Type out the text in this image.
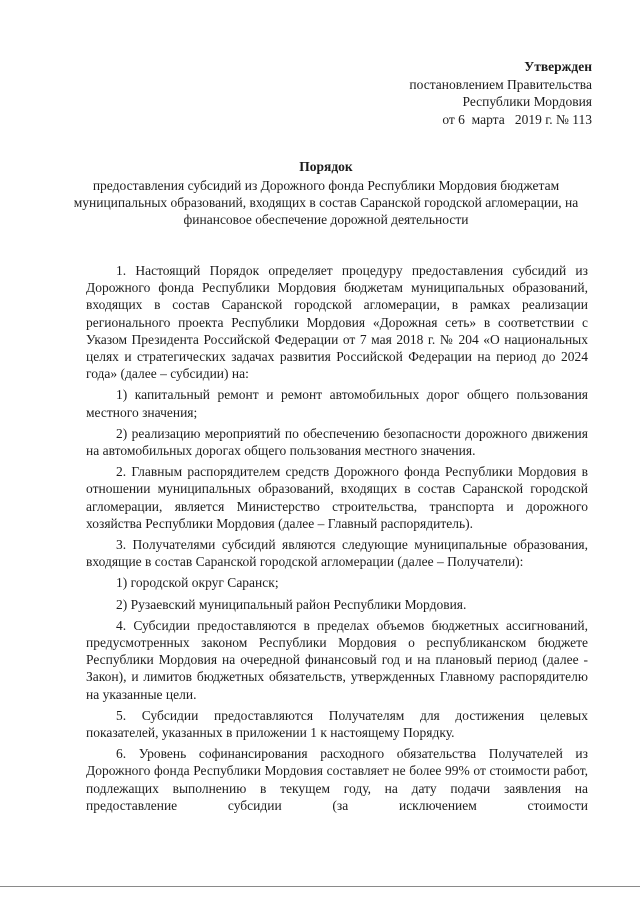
Утвержден
постановлением Правительства
Республики Мордовия
от 6  марта   2019 г. № 113
Порядок
предоставления субсидий из Дорожного фонда Республики Мордовия бюджетам муниципальных образований, входящих в состав Саранской городской агломерации, на финансовое обеспечение дорожной деятельности

1. Настоящий Порядок определяет процедуру предоставления субсидий из Дорожного фонда Республики Мордовия бюджетам муниципальных образований, входящих в состав Саранской городской агломерации, в рамках реализации регионального проекта Республики Мордовия «Дорожная сеть» в соответствии с Указом Президента Российской Федерации от 7 мая 2018 г. № 204 «О национальных целях и стратегических задачах развития Российской Федерации на период до 2024 года» (далее – субсидии) на:

1) капитальный ремонт и ремонт автомобильных дорог общего пользования местного значения;

2) реализацию мероприятий по обеспечению безопасности дорожного движения на автомобильных дорогах общего пользования местного значения.

2. Главным распорядителем средств Дорожного фонда Республики Мордовия в отношении муниципальных образований, входящих в состав Саранской городской агломерации, является Министерство строительства, транспорта и дорожного хозяйства Республики Мордовия (далее – Главный распорядитель).

3. Получателями субсидий являются следующие муниципальные образования, входящие в состав Саранской городской агломерации (далее – Получатели):

1) городской округ Саранск;

2) Рузаевский муниципальный район Республики Мордовия.

4. Субсидии предоставляются в пределах объемов бюджетных ассигнований, предусмотренных законом Республики Мордовия о республиканском бюджете Республики Мордовия на очередной финансовый год и на плановый период (далее - Закон), и лимитов бюджетных обязательств, утвержденных Главному распорядителю на указанные цели.

5. Субсидии предоставляются Получателям для достижения целевых показателей, указанных в приложении 1 к настоящему Порядку.

6. Уровень софинансирования расходного обязательства Получателей из Дорожного фонда Республики Мордовия составляет не более 99% от стоимости работ, подлежащих выполнению в текущем году, на дату подачи заявления на предоставление субсидии (за исключением стоимости
